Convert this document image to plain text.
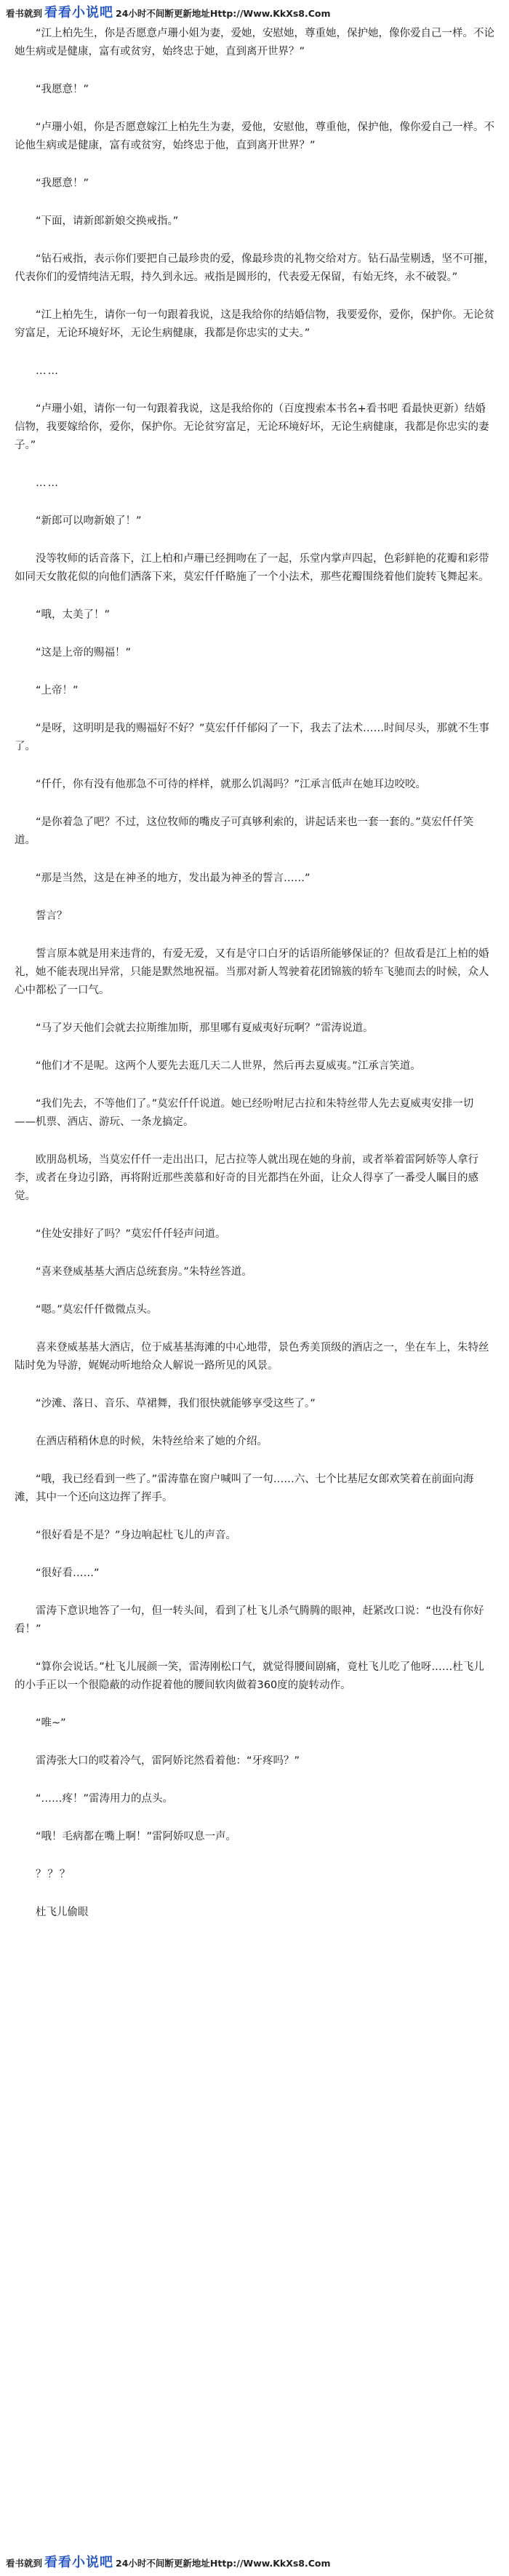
看书就到 看看小说吧 24小时不间断更新地址Http://Www.KkXs8.Com

“江上柏先生，你是否愿意卢珊小姐为妻，爱她，安慰她，尊重她，保护她，像你爱自己一样。不论她生病或是健康，富有或贫穷，始终忠于她，直到离开世界？”

“我愿意！”

“卢珊小姐，你是否愿意嫁江上柏先生为妻，爱他，安慰他，尊重他，保护他，像你爱自己一样。不论他生病或是健康，富有或贫穷，始终忠于他，直到离开世界？”

“我愿意！”

“下面，请新郎新娘交换戒指。”

“钻石戒指，表示你们要把自己最珍贵的爱，像最珍贵的礼物交给对方。钻石晶莹剔透，坚不可摧，代表你们的爱情纯洁无瑕，持久到永远。戒指是圆形的，代表爱无保留，有始无终，永不破裂。”

“江上柏先生，请你一句一句跟着我说，这是我给你的结婚信物，我要爱你，爱你，保护你。无论贫穷富足，无论环境好坏，无论生病健康，我都是你忠实的丈夫。”

……

“卢珊小姐，请你一句一句跟着我说，这是我给你的（百度搜索本书名+看书吧 看最快更新）结婚信物，我要嫁给你，爱你，保护你。无论贫穷富足，无论环境好坏，无论生病健康，我都是你忠实的妻子。”

……

“新郎可以吻新娘了！”

没等牧师的话音落下，江上柏和卢珊已经拥吻在了一起，乐堂内掌声四起，色彩鲜艳的花瓣和彩带如同天女散花似的向他们洒落下来，莫宏仟仟略施了一个小法术，那些花瓣围绕着他们旋转飞舞起来。

“哦，太美了！”

“这是上帝的赐福！”

“上帝！”

“是呀，这明明是我的赐福好不好？”莫宏仟仟郁闷了一下，我去了法术……时间尽头，那就不生事了。

“仟仟，你有没有他那急不可待的样样，就那么饥渴吗？”江承言低声在她耳边咬咬。

“是你着急了吧？不过，这位牧师的嘴皮子可真够利索的，讲起话来也一套一套的。”莫宏仟仟笑道。

“那是当然，这是在神圣的地方，发出最为神圣的誓言……”

誓言？

誓言原本就是用来违背的，有爱无爱，又有是守口白牙的话语所能够保证的？但故看是江上柏的婚礼，她不能表现出异常，只能是默然地祝福。当那对新人驾驶着花团锦簇的轿车飞驰而去的时候，众人心中都松了一口气。

“马了岁天他们会就去拉斯维加斯，那里哪有夏威夷好玩啊？”雷涛说道。

“他们才不是呢。这两个人要先去逛几天二人世界，然后再去夏威夷。”江承言笑道。

“我们先去，不等他们了。”莫宏仟仟说道。她已经吩咐尼古拉和朱特丝带人先去夏威夷安排一切——机票、酒店、游玩、一条龙搞定。

欧朋岛机场，当莫宏仟仟一走出出口，尼古拉等人就出现在她的身前，或者举着雷阿娇等人拿行李，或者在身边引路，再将附近那些羡慕和好奇的目光都挡在外面，让众人得享了一番受人瞩目的感觉。

“住处安排好了吗？”莫宏仟仟轻声问道。

“喜来登威基基大酒店总统套房。”朱特丝答道。

“嗯。”莫宏仟仟微微点头。

喜来登威基基大酒店，位于威基基海滩的中心地带，景色秀美顶级的酒店之一，坐在车上，朱特丝陆时免为导游，娓娓动听地给众人解说一路所见的风景。

“沙滩、落日、音乐、草裙舞，我们很快就能够享受这些了。”

在酒店稍稍休息的时候，朱特丝给来了她的介绍。

“哦，我已经看到一些了。”雷涛靠在窗户喊叫了一句……六、七个比基尼女郎欢笑着在前面向海滩，其中一个还向这边挥了挥手。

“很好看是不是？”身边响起杜飞儿的声音。

“很好看……”

雷涛下意识地答了一句，但一转头间，看到了杜飞儿杀气腾腾的眼神，赶紧改口说：“也没有你好看！”

“算你会说话。”杜飞儿展颜一笑，雷涛刚松口气，就觉得腰间剧痛，竟杜飞儿吃了他呀……杜飞儿的小手正以一个很隐蔽的动作捉着他的腰间软肉做着360度的旋转动作。

“唯~”

雷涛张大口的哎着冷气，雷阿娇诧然看着他：“牙疼吗？”

“……疼！”雷涛用力的点头。

“哦！毛病都在嘴上啊！”雷阿娇叹息一声。

？？？

杜飞儿偷眼

看书就到 看看小说吧 24小时不间断更新地址Http://Www.KkXs8.Com
